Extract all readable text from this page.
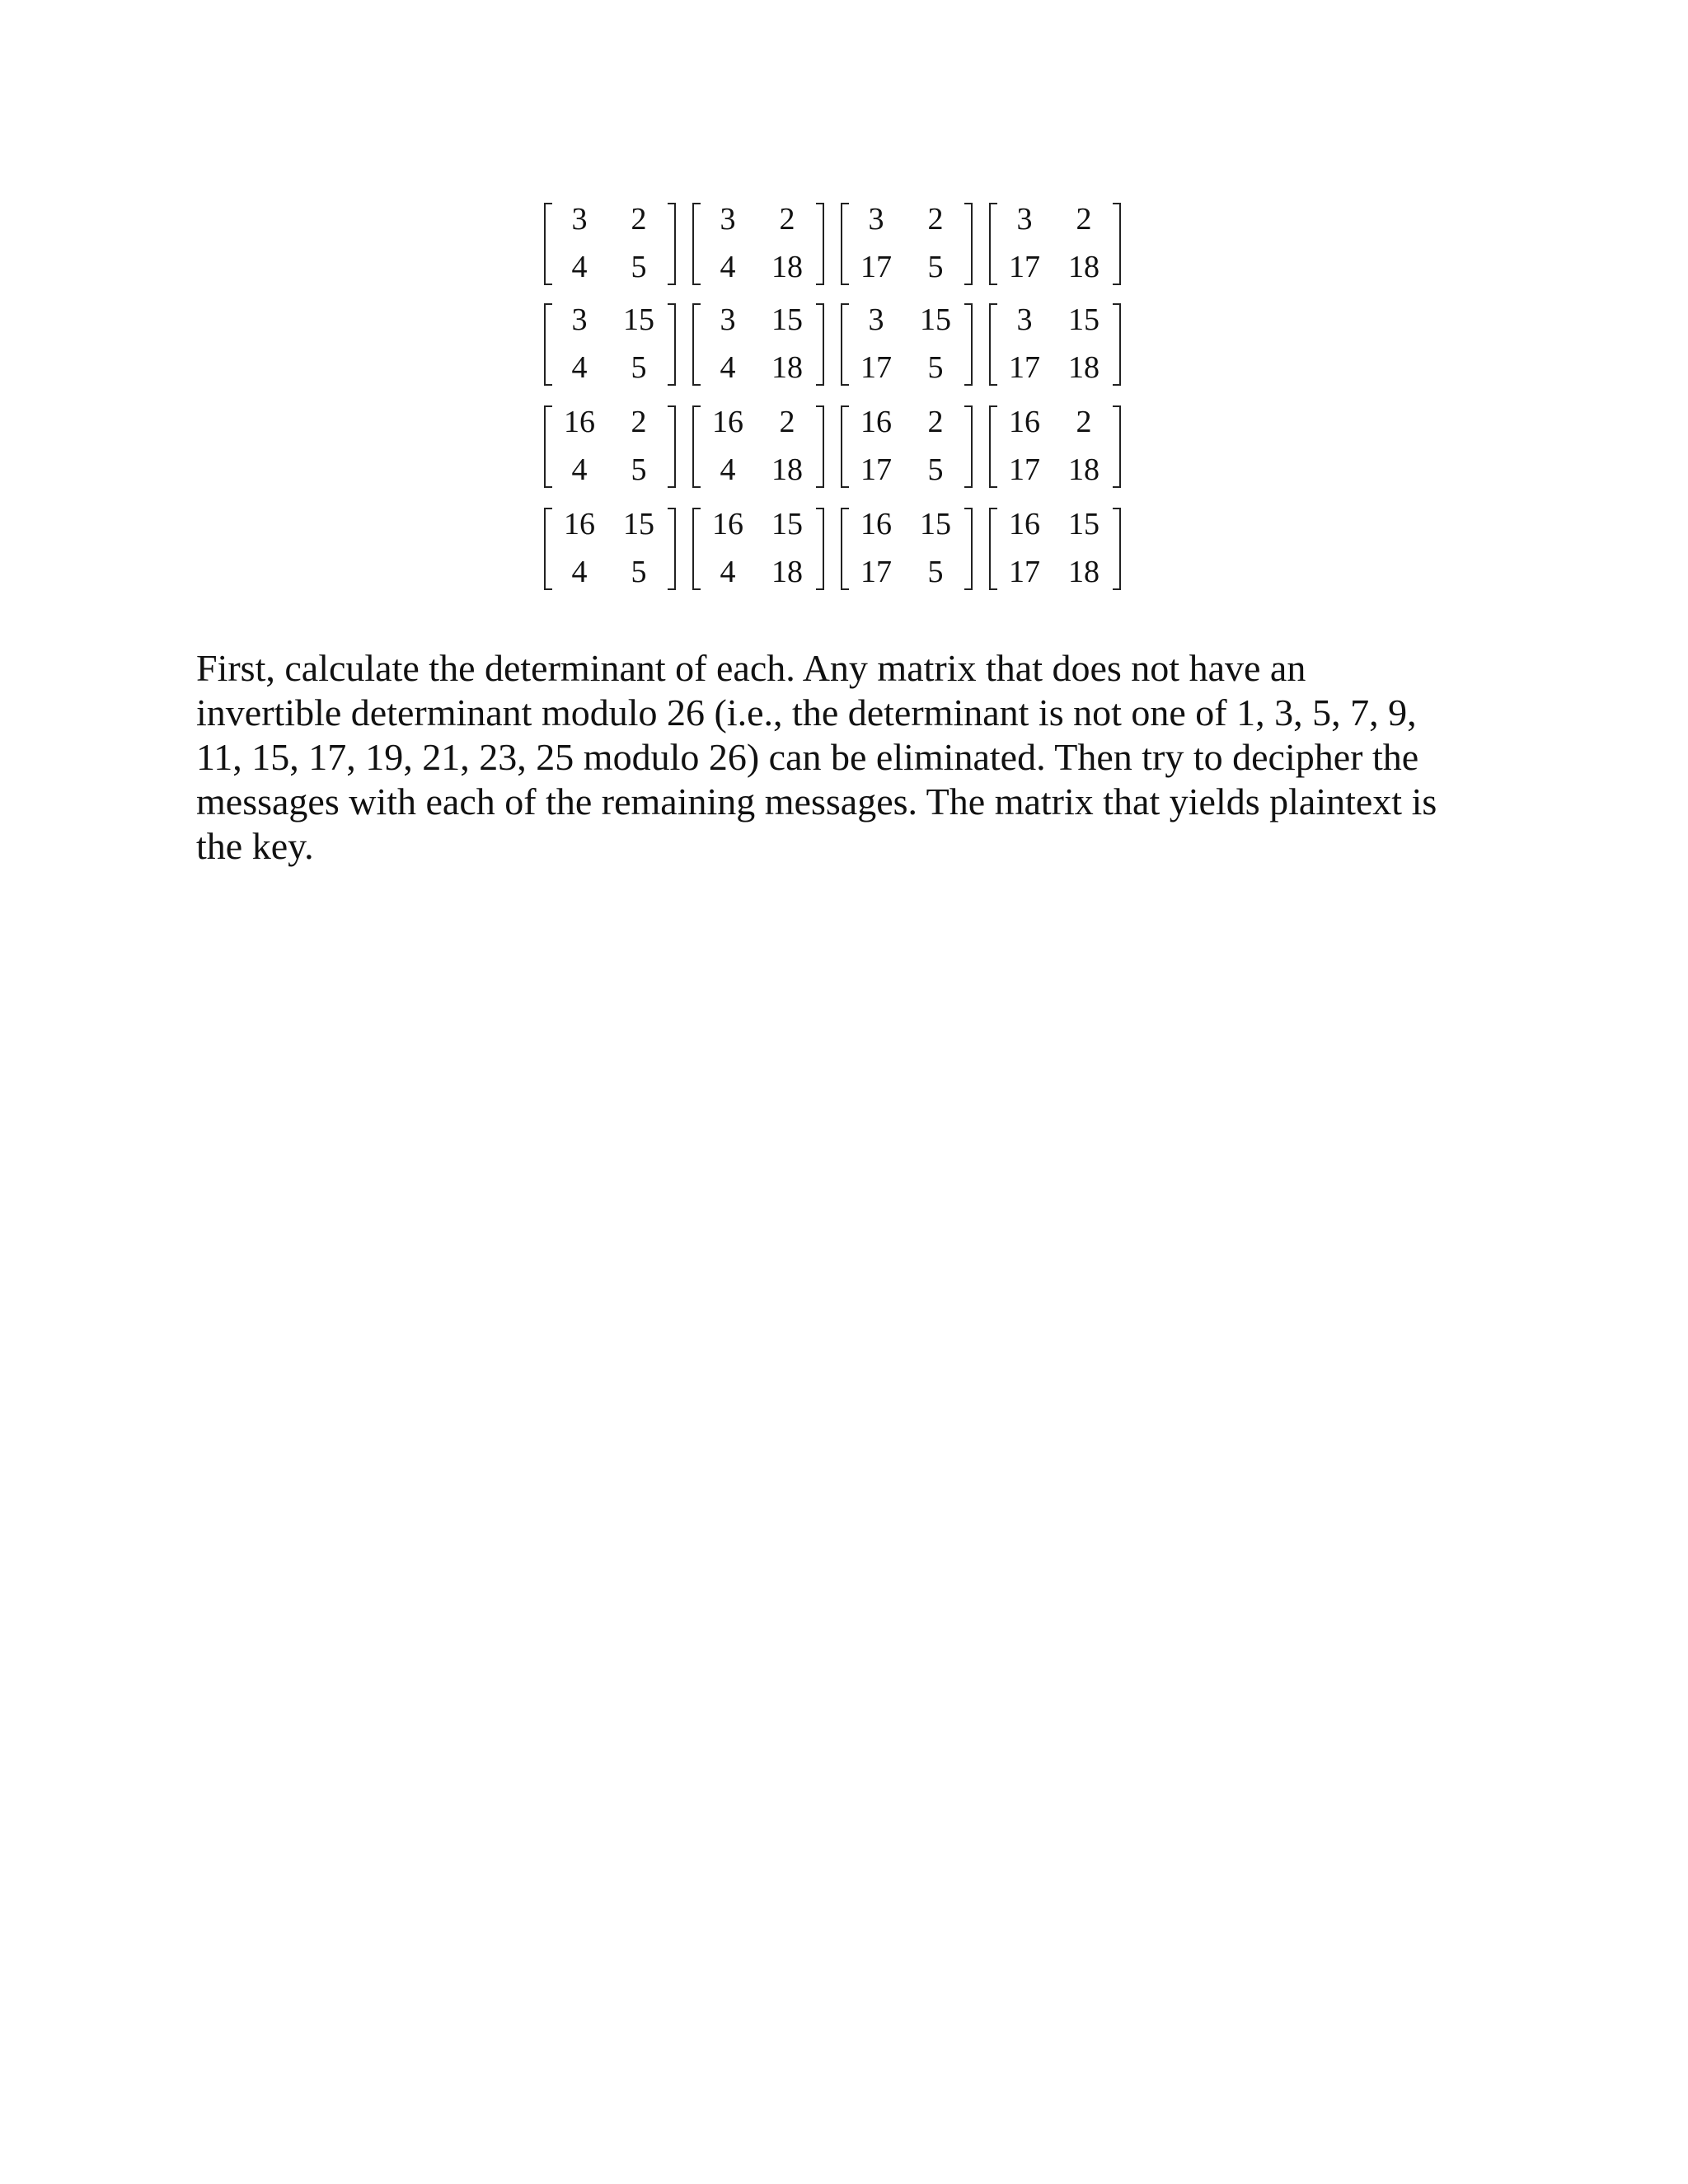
3	2
4	5
3	2
4	18
3	2
17	5
3	2
17 18
3	15
4	5
3	15
4	18
3	15
17	5
3	15
17 18
16	2
4	5
16	2
4	18
16	2
17	5
16	2
17 18
16 15
4	5
16 15
4	18
16 15
17	5
16 15
17 18

First, calculate the determinant of each. Any matrix that does not have an
invertible determinant modulo 26 (i.e., the determinant is not one of 1, 3, 5, 7, 9,
11, 15, 17, 19, 21, 23, 25 modulo 26) can be eliminated. Then try to decipher the
messages with each of the remaining messages. The matrix that yields plaintext is
the key.
